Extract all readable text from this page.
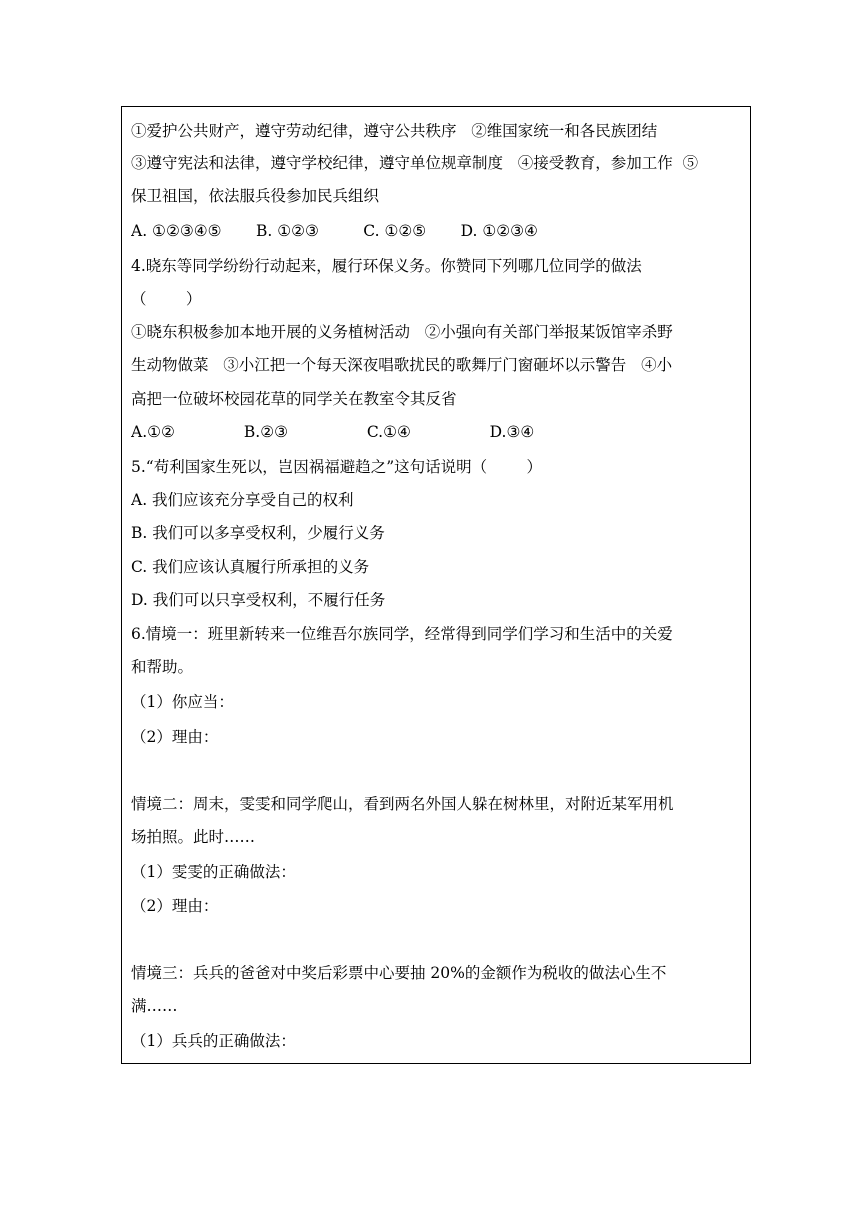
①爱护公共财产，遵守劳动纪律，遵守公共秩序   ②维国家统一和各民族团结
③遵守宪法和法律，遵守学校纪律，遵守单位规章制度   ④接受教育，参加工作  ⑤
保卫祖国，依法服兵役参加民兵组织
A. ①②③④⑤       B. ①②③         C. ①②⑤       D. ①②③④
4.晓东等同学纷纷行动起来，履行环保义务。你赞同下列哪几位同学的做法
（        ）
①晓东积极参加本地开展的义务植树活动   ②小强向有关部门举报某饭馆宰杀野
生动物做菜   ③小江把一个每天深夜唱歌扰民的歌舞厅门窗砸坏以示警告   ④小
高把一位破坏校园花草的同学关在教室令其反省
A.①②              B.②③                C.①④                D.③④
5.“苟利国家生死以，岂因祸福避趋之”这句话说明（        ）
A. 我们应该充分享受自己的权利
B. 我们可以多享受权利，少履行义务
C. 我们应该认真履行所承担的义务
D. 我们可以只享受权利，不履行任务
6.情境一：班里新转来一位维吾尔族同学，经常得到同学们学习和生活中的关爱
和帮助。
（1）你应当：
（2）理由：
情境二：周末，雯雯和同学爬山，看到两名外国人躲在树林里，对附近某军用机
场拍照。此时……
（1）雯雯的正确做法：
（2）理由：
情境三：兵兵的爸爸对中奖后彩票中心要抽 20%的金额作为税收的做法心生不
满……
（1）兵兵的正确做法：
